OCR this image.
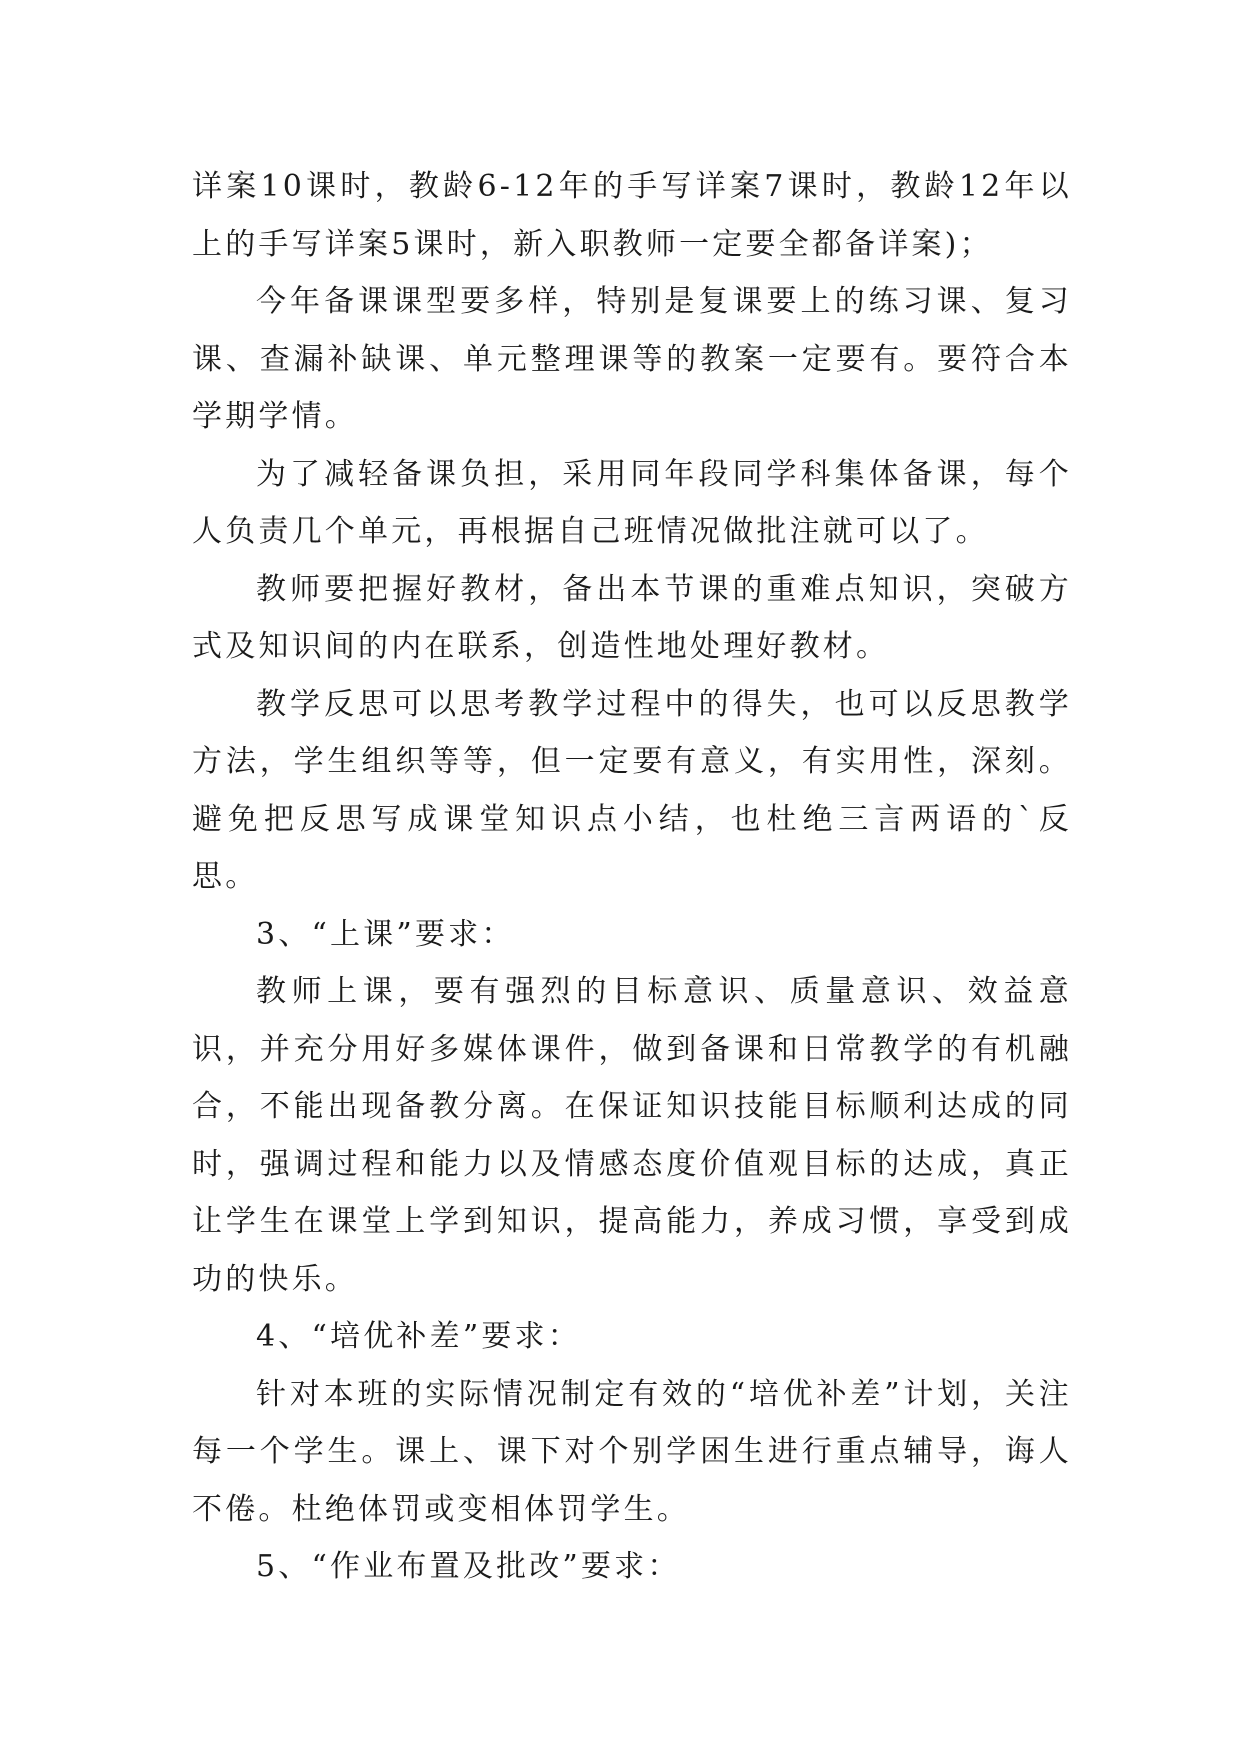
详案10课时，教龄6-12年的手写详案7课时，教龄12年以上的手写详案5课时，新入职教师一定要全都备详案)；

今年备课课型要多样，特别是复课要上的练习课、复习课、查漏补缺课、单元整理课等的教案一定要有。要符合本学期学情。

为了减轻备课负担，采用同年段同学科集体备课，每个人负责几个单元，再根据自己班情况做批注就可以了。

教师要把握好教材，备出本节课的重难点知识，突破方式及知识间的内在联系，创造性地处理好教材。

教学反思可以思考教学过程中的得失，也可以反思教学方法，学生组织等等，但一定要有意义，有实用性，深刻。避免把反思写成课堂知识点小结，也杜绝三言两语的`反思。

3、“上课”要求：

教师上课，要有强烈的目标意识、质量意识、效益意识，并充分用好多媒体课件，做到备课和日常教学的有机融合，不能出现备教分离。在保证知识技能目标顺利达成的同时，强调过程和能力以及情感态度价值观目标的达成，真正让学生在课堂上学到知识，提高能力，养成习惯，享受到成功的快乐。

4、“培优补差”要求：

针对本班的实际情况制定有效的“培优补差”计划，关注每一个学生。课上、课下对个别学困生进行重点辅导，诲人不倦。杜绝体罚或变相体罚学生。

5、“作业布置及批改”要求：
